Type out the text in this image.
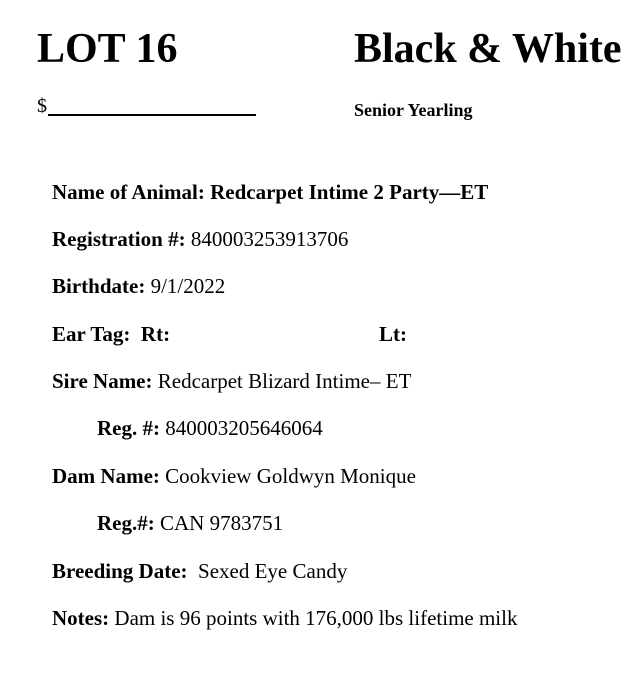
LOT 16	Black & White
$	Senior Yearling
Name of Animal: Redcarpet Intime 2 Party—ET
Registration #: 840003253913706
Birthdate: 9/1/2022
Ear Tag: Rt:	Lt:
Sire Name: Redcarpet Blizard Intime– ET
Reg. #: 840003205646064
Dam Name: Cookview Goldwyn Monique
Reg.#: CAN 9783751
Breeding Date: Sexed Eye Candy
Notes: Dam is 96 points with 176,000 lbs lifetime milk
